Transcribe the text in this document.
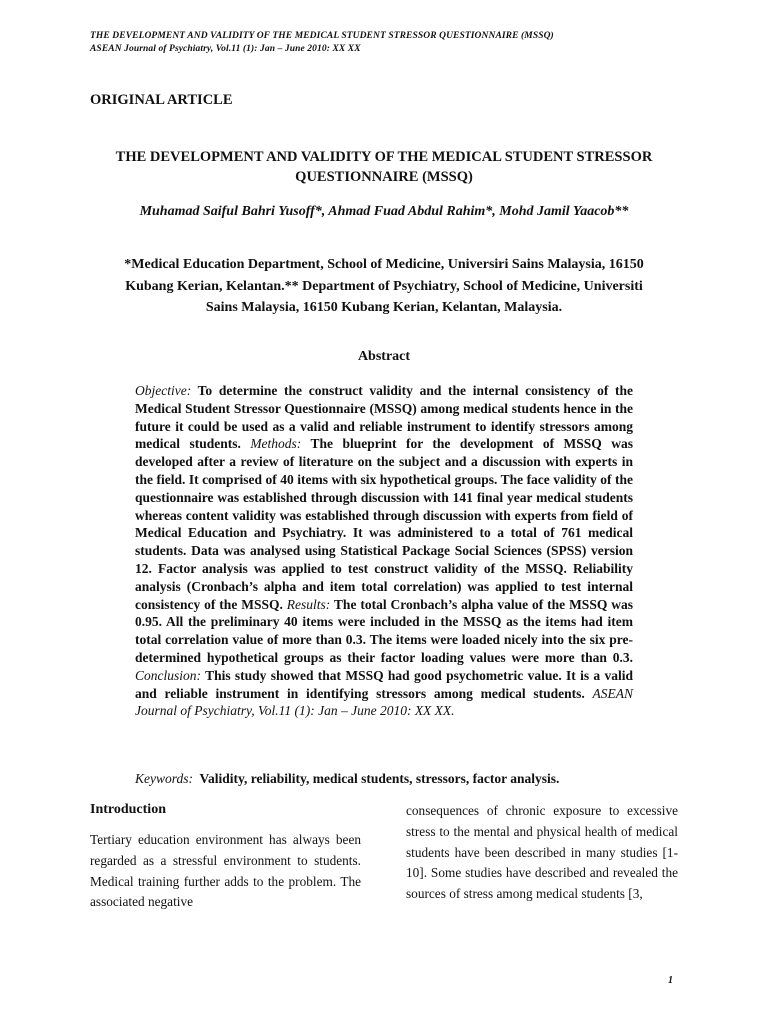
THE DEVELOPMENT AND VALIDITY OF THE MEDICAL STUDENT STRESSOR QUESTIONNAIRE (MSSQ)
ASEAN Journal of Psychiatry, Vol.11 (1): Jan – June 2010: XX XX
ORIGINAL ARTICLE
THE DEVELOPMENT AND VALIDITY OF THE MEDICAL STUDENT STRESSOR QUESTIONNAIRE (MSSQ)
Muhamad Saiful Bahri Yusoff*, Ahmad Fuad Abdul Rahim*, Mohd Jamil Yaacob**
*Medical Education Department, School of Medicine, Universiri Sains Malaysia, 16150 Kubang Kerian, Kelantan.** Department of Psychiatry, School of Medicine, Universiti Sains Malaysia, 16150 Kubang Kerian, Kelantan, Malaysia.
Abstract
Objective: To determine the construct validity and the internal consistency of the Medical Student Stressor Questionnaire (MSSQ) among medical students hence in the future it could be used as a valid and reliable instrument to identify stressors among medical students. Methods: The blueprint for the development of MSSQ was developed after a review of literature on the subject and a discussion with experts in the field. It comprised of 40 items with six hypothetical groups. The face validity of the questionnaire was established through discussion with 141 final year medical students whereas content validity was established through discussion with experts from field of Medical Education and Psychiatry. It was administered to a total of 761 medical students. Data was analysed using Statistical Package Social Sciences (SPSS) version 12. Factor analysis was applied to test construct validity of the MSSQ. Reliability analysis (Cronbach’s alpha and item total correlation) was applied to test internal consistency of the MSSQ. Results: The total Cronbach’s alpha value of the MSSQ was 0.95. All the preliminary 40 items were included in the MSSQ as the items had item total correlation value of more than 0.3. The items were loaded nicely into the six pre-determined hypothetical groups as their factor loading values were more than 0.3. Conclusion: This study showed that MSSQ had good psychometric value. It is a valid and reliable instrument in identifying stressors among medical students. ASEAN Journal of Psychiatry, Vol.11 (1): Jan – June 2010: XX XX.
Keywords: Validity, reliability, medical students, stressors, factor analysis.
Introduction
Tertiary education environment has always been regarded as a stressful environment to students. Medical training further adds to the problem. The associated negative
consequences of chronic exposure to excessive stress to the mental and physical health of medical students have been described in many studies [1-10]. Some studies have described and revealed the sources of stress among medical students [3,
1
